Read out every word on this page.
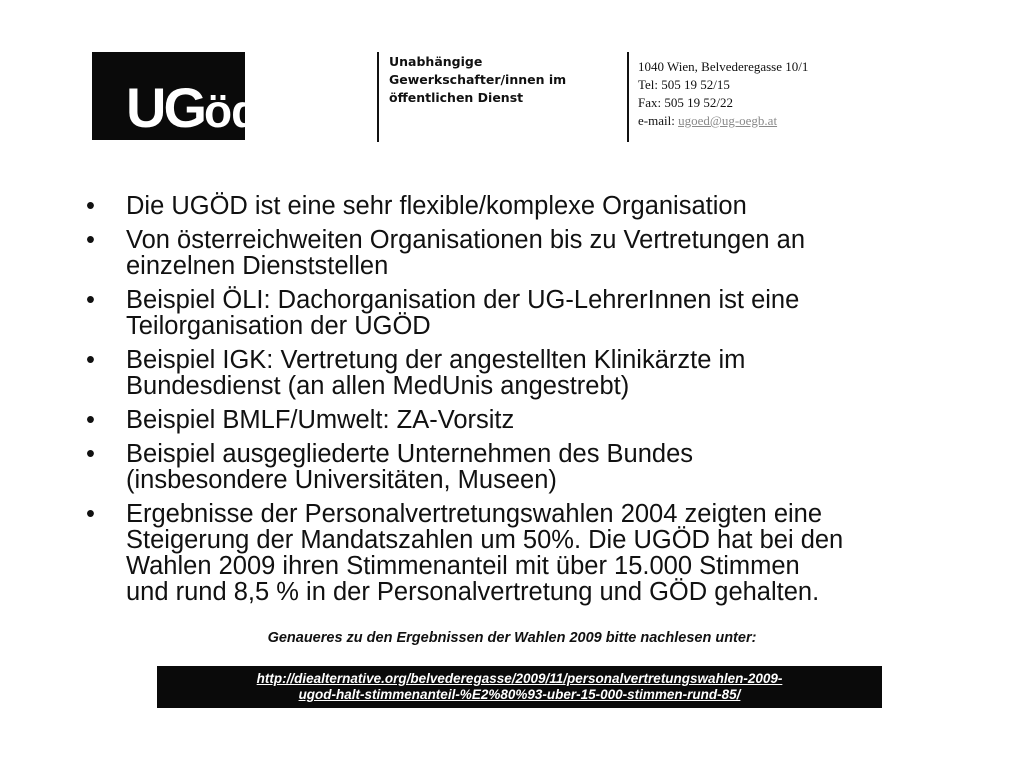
UGöd
Unabhängige
Gewerkschafter/innen im
öffentlichen Dienst
1040 Wien, Belvederegasse 10/1
Tel: 505 19 52/15
Fax: 505 19 52/22
e-mail: ugoed@ug-oegb.at
• Die UGÖD ist eine sehr flexible/komplexe Organisation
• Von österreichweiten Organisationen bis zu Vertretungen an
einzelnen Dienststellen
• Beispiel ÖLI: Dachorganisation der UG-LehrerInnen ist eine
Teilorganisation der UGÖD
• Beispiel IGK: Vertretung der angestellten Klinikärzte im
Bundesdienst (an allen MedUnis angestrebt)
• Beispiel BMLF/Umwelt: ZA-Vorsitz
• Beispiel ausgegliederte Unternehmen des Bundes
(insbesondere Universitäten, Museen)
• Ergebnisse der Personalvertretungswahlen 2004 zeigten eine
Steigerung der Mandatszahlen um 50%. Die UGÖD hat bei den
Wahlen 2009 ihren Stimmenanteil mit über 15.000 Stimmen
und rund 8,5 % in der Personalvertretung und GÖD gehalten.
Genaueres zu den Ergebnissen der Wahlen 2009 bitte nachlesen unter:
http://diealternative.org/belvederegasse/2009/11/personalvertretungswahlen-2009-
ugod-halt-stimmenanteil-%E2%80%93-uber-15-000-stimmen-rund-85/
